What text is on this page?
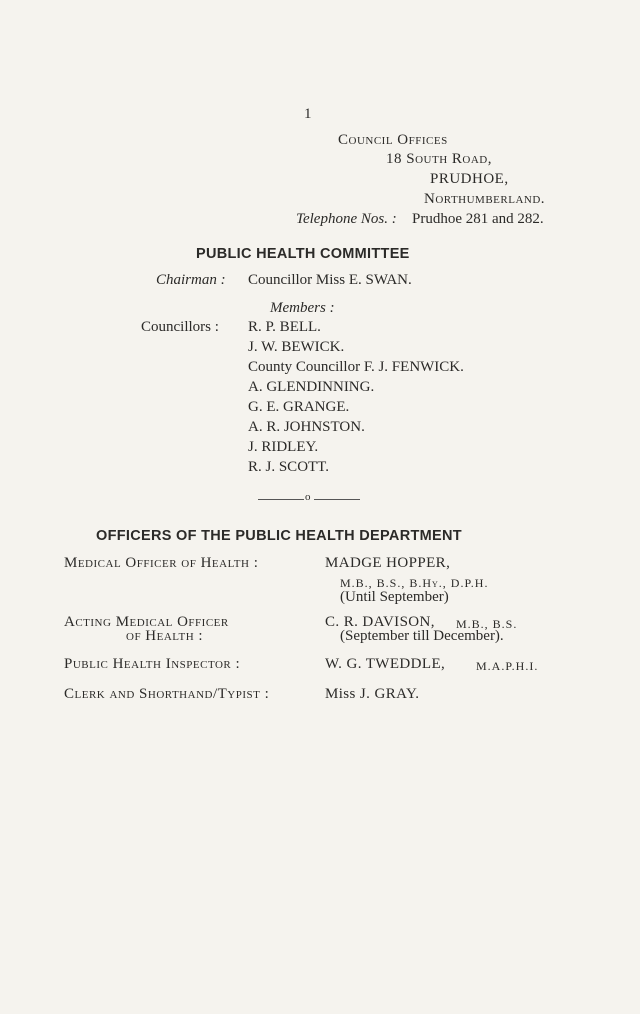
1
Council Offices
18 South Road,
PRUDHOE,
Northumberland.
Telephone Nos. : Prudhoe 281 and 282.
PUBLIC HEALTH COMMITTEE
Chairman : Councillor Miss E. SWAN.
Members :
Councillors : R. P. BELL.
J. W. BEWICK.
County Councillor F. J. FENWICK.
A. GLENDINNING.
G. E. GRANGE.
A. R. JOHNSTON.
J. RIDLEY.
R. J. SCOTT.
o
OFFICERS OF THE PUBLIC HEALTH DEPARTMENT
Medical Officer of Health :	MADGE HOPPER,
M.B., B.S., B.Hy., D.P.H.
(Until September)
Acting Medical Officer
of Health :
C. R. DAVISON, M.B., B.S.
(September till December).
Public Health Inspector :	W. G. TWEDDLE,	M.A.P.H.I.
Clerk and Shorthand/Typist :	Miss J. GRAY.
